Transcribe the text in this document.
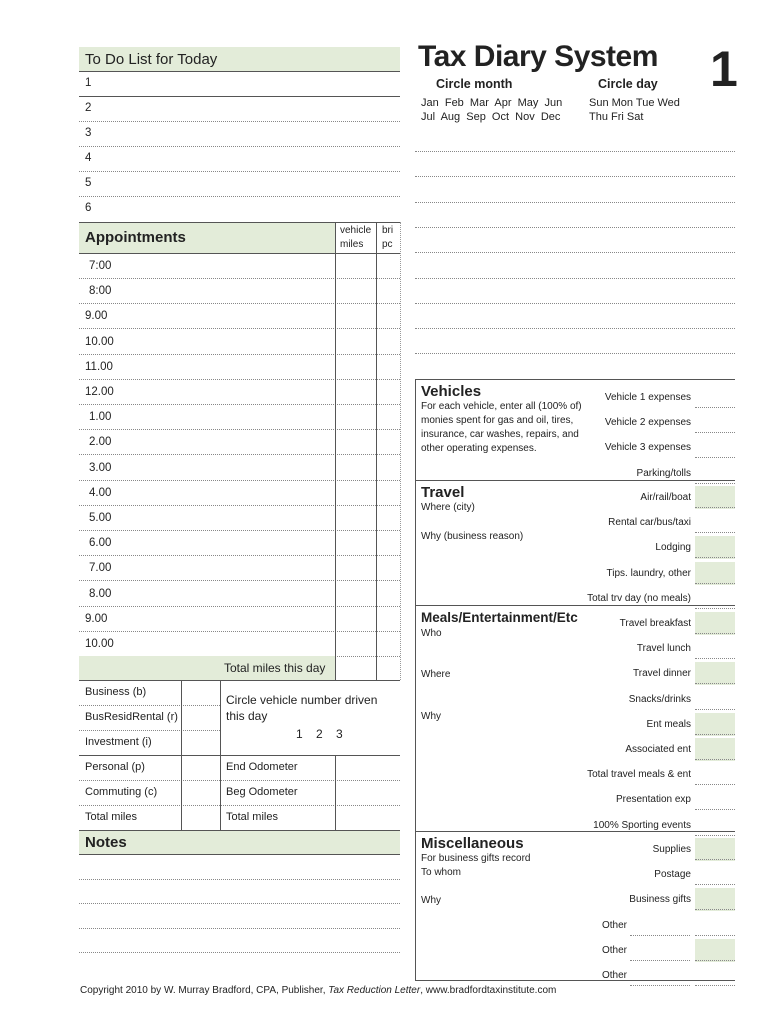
To Do List for Today
1
2
3
4
5
6
Appointments	vehicle
miles
bri
pc
7:00
8:00
9.00
10.00
11.00
12.00
1.00
2.00
3.00
4.00
5.00
6.00
7.00
8.00
9.00
10.00
Total miles this day
Business (b)
BusResidRental (r)
Investment (i)
Personal (p)
Commuting (c)
Total miles
Circle vehicle number driven
this day
1    2    3
End Odometer
Beg Odometer
Total miles
Notes
Tax Diary System 1
Circle month	Circle day
Jan  Feb  Mar  Apr  May  Jun
Jul  Aug  Sep  Oct  Nov  Dec
Sun Mon Tue Wed
Thu Fri Sat
Vehicles
For each vehicle, enter all (100% of)
monies spent for gas and oil, tires,
insurance, car washes, repairs, and
other operating expenses.
Travel
Where (city)
Why (business reason)
Meals/Entertainment/Etc
Who
Where
Why
Miscellaneous
For business gifts record
To whom
Why
Vehicle 1 expenses
Vehicle 2 expenses
Vehicle 3 expenses
Parking/tolls
Air/rail/boat
Rental car/bus/taxi
Lodging
Tips. laundry, other
Total trv day (no meals)
Travel breakfast
Travel lunch
Travel dinner
Snacks/drinks
Ent meals
Associated ent
Total travel meals & ent
Presentation exp
100% Sporting events
Supplies
Postage
Business gifts
Other
Other
Other
Copyright 2010 by W. Murray Bradford, CPA, Publisher, Tax Reduction Letter, www.bradfordtaxinstitute.com
